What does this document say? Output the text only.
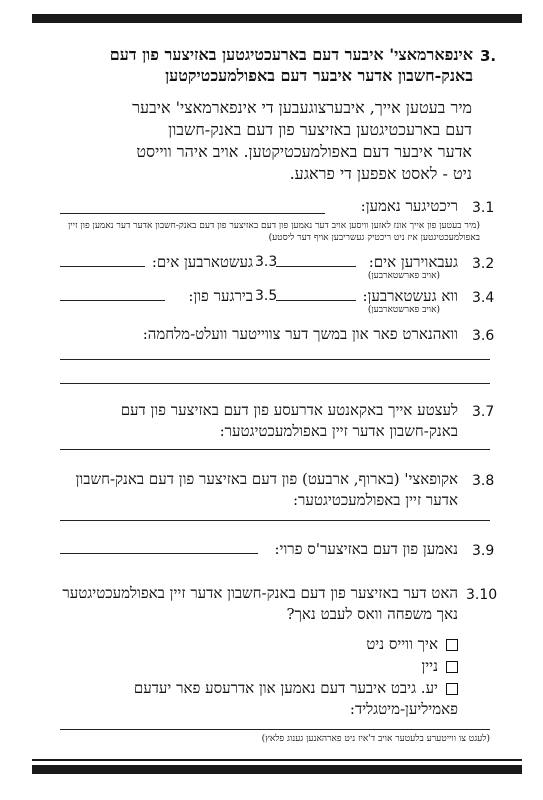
3.
אינפארמאצי' איבער דעם בארעכטיגטען באזיצער פון דעם באנק-חשבון אדער איבער דעם באפולמעכטיקטען
מיר בעטען אייך, איבערצוגעבען די אינפארמאצי' איבער דעם בארעכטיגטען באזיצער פון דעם באנק-חשבון אדער איבער דעם באפולמעכטיקטען. אויב איהר ווייסט ניט - לאסט אפפען די פראגע.
3.1
ריכטיגער נאמען:
(מיר בעטען פון אייך אונז לאזען וויסען אויב דער נאמען פון דעם באזיצער פון דעם באנק-חשבון אדער דער נאמען פון זיין באפולמעכטיגטען איז ניט ריכטיק געשריבען אויף דער ליסטע)
3.2
געבאוירען אים:
(אויב פארשטארבען)
3.3
געשטארבען אים:
3.4
ווא געשטארבען:
(אויב פארשטארבען)
3.5
בירגער פון:
3.6
וואהנארט פאר און במשך דער צווייטער וועלט-מלחמה:
3.7
לעצטע אייך באקאנטע אדרעסע פון דעם באזיצער פון דעם באנק-חשבון אדער זיין באפולמעכטיגטער:
3.8
אקופאצי' (בארוף, ארבעט) פון דעם באזיצער פון דעם באנק-חשבון אדער זיין באפולמעכטיגטער:
3.9
נאמען פון דעם באזיצער'ס פרוי:
3.10
האט דער באזיצער פון דעם באנק-חשבון אדער זיין באפולמעכטיגטער נאך משפחה וואס לעבט נאך?
איך ווייס ניט
ניין
יע. גיבט איבער דעם נאמען און אדרעסע פאר יעדעם פאמיליען-מיטגליד:
(לעגט צו ווייטערע בלעטער אויב ד'איז ניט פארהאנען גענוג פלאץ)
